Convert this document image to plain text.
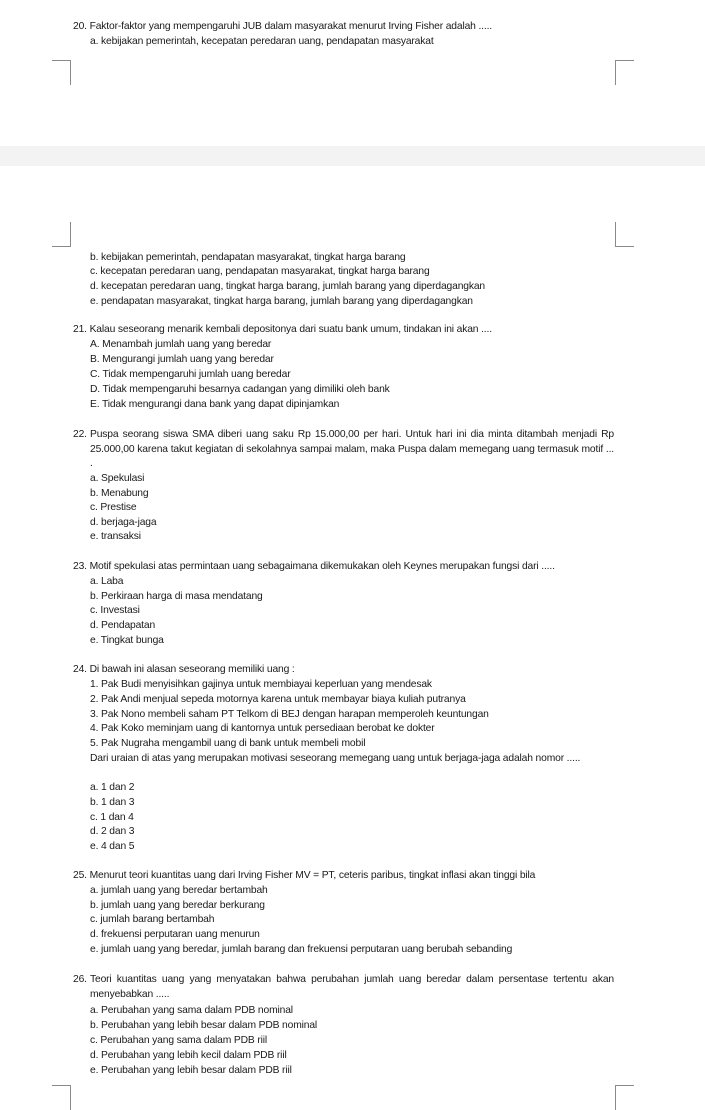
20. Faktor-faktor yang mempengaruhi JUB dalam masyarakat menurut Irving Fisher adalah .....
a. kebijakan pemerintah, kecepatan peredaran uang, pendapatan masyarakat
b. kebijakan pemerintah, pendapatan masyarakat, tingkat harga barang
c. kecepatan peredaran uang, pendapatan masyarakat, tingkat harga barang
d. kecepatan peredaran uang, tingkat harga barang, jumlah barang yang diperdagangkan
e. pendapatan masyarakat, tingkat harga barang, jumlah barang yang diperdagangkan
21. Kalau seseorang menarik kembali depositonya dari suatu bank umum, tindakan ini akan ....
A. Menambah jumlah uang yang beredar
B. Mengurangi jumlah uang yang beredar
C. Tidak mempengaruhi jumlah uang beredar
D. Tidak mempengaruhi besarnya cadangan yang dimiliki oleh bank
E. Tidak mengurangi dana bank yang dapat dipinjamkan
22. Puspa seorang siswa SMA diberi uang saku Rp 15.000,00 per hari. Untuk hari ini dia minta ditambah menjadi Rp 25.000,00 karena takut kegiatan di sekolahnya sampai malam, maka Puspa dalam memegang uang termasuk motif ... .
a. Spekulasi
b. Menabung
c. Prestise
d. berjaga-jaga
e. transaksi
23. Motif spekulasi atas permintaan uang sebagaimana dikemukakan oleh Keynes merupakan fungsi dari .....
a. Laba
b. Perkiraan harga di masa mendatang
c. Investasi
d. Pendapatan
e. Tingkat bunga
24. Di bawah ini alasan seseorang memiliki uang :
1. Pak Budi menyisihkan gajinya untuk membiayai keperluan yang mendesak
2. Pak Andi menjual sepeda motornya karena untuk membayar biaya kuliah putranya
3. Pak Nono membeli saham PT Telkom di BEJ dengan harapan memperoleh keuntungan
4. Pak Koko meminjam uang di kantornya untuk persediaan berobat ke dokter
5. Pak Nugraha mengambil uang di bank untuk membeli mobil
Dari uraian di atas yang merupakan motivasi seseorang memegang uang untuk berjaga-jaga adalah nomor .....
a. 1 dan 2
b. 1 dan 3
c. 1 dan 4
d. 2 dan 3
e. 4 dan 5
25. Menurut teori kuantitas uang dari Irving Fisher MV = PT, ceteris paribus, tingkat inflasi akan tinggi bila
a. jumlah uang yang beredar bertambah
b. jumlah uang yang beredar berkurang
c. jumlah barang bertambah
d. frekuensi perputaran uang menurun
e. jumlah uang yang beredar, jumlah barang dan frekuensi perputaran uang berubah sebanding
26. Teori kuantitas uang yang menyatakan bahwa perubahan jumlah uang beredar dalam persentase tertentu akan menyebabkan .....
a. Perubahan yang sama dalam PDB nominal
b. Perubahan yang lebih besar dalam PDB nominal
c. Perubahan yang sama dalam PDB riil
d. Perubahan yang lebih kecil dalam PDB riil
e. Perubahan yang lebih besar dalam PDB riil
